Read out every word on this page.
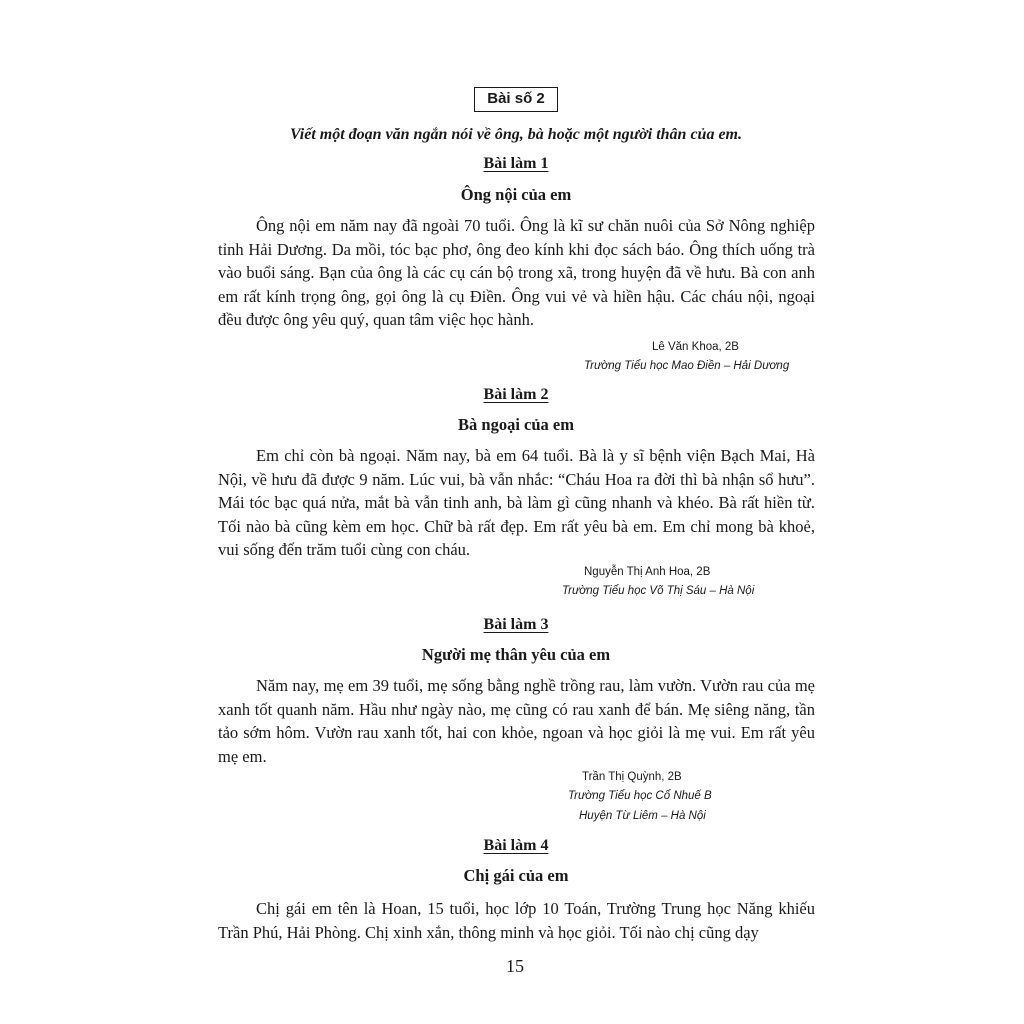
Bài số 2
Viết một đoạn văn ngắn nói về ông, bà hoặc một người thân của em.
Bài làm 1
Ông nội của em

Ông nội em năm nay đã ngoài 70 tuổi. Ông là kĩ sư chăn nuôi của Sở Nông nghiệp tỉnh Hải Dương. Da mồi, tóc bạc phơ, ông đeo kính khi đọc sách báo. Ông thích uống trà vào buổi sáng. Bạn của ông là các cụ cán bộ trong xã, trong huyện đã về hưu. Bà con anh em rất kính trọng ông, gọi ông là cụ Điền. Ông vui vẻ và hiền hậu. Các cháu nội, ngoại đều được ông yêu quý, quan tâm việc học hành.

Lê Văn Khoa, 2B
Trường Tiểu học Mao Điền – Hải Dương
Bài làm 2
Bà ngoại của em

Em chỉ còn bà ngoại. Năm nay, bà em 64 tuổi. Bà là y sĩ bệnh viện Bạch Mai, Hà Nội, về hưu đã được 9 năm. Lúc vui, bà vẫn nhắc: “Cháu Hoa ra đời thì bà nhận sổ hưu”. Mái tóc bạc quá nửa, mắt bà vẫn tinh anh, bà làm gì cũng nhanh và khéo. Bà rất hiền từ. Tối nào bà cũng kèm em học. Chữ bà rất đẹp. Em rất yêu bà em. Em chỉ mong bà khoẻ, vui sống đến trăm tuổi cùng con cháu.

Nguyễn Thị Anh Hoa, 2B
Trường Tiểu học Võ Thị Sáu – Hà Nội
Bài làm 3
Người mẹ thân yêu của em

Năm nay, mẹ em 39 tuổi, mẹ sống bằng nghề trồng rau, làm vườn. Vườn rau của mẹ xanh tốt quanh năm. Hầu như ngày nào, mẹ cũng có rau xanh để bán. Mẹ siêng năng, tần tảo sớm hôm. Vườn rau xanh tốt, hai con khỏe, ngoan và học giỏi là mẹ vui. Em rất yêu mẹ em.

Trần Thị Quỳnh, 2B
Trường Tiểu học Cổ Nhuế B
Huyện Từ Liêm – Hà Nội
Bài làm 4
Chị gái của em

Chị gái em tên là Hoan, 15 tuổi, học lớp 10 Toán, Trường Trung học Năng khiếu Trần Phú, Hải Phòng. Chị xinh xắn, thông minh và học giỏi. Tối nào chị cũng dạy

15
